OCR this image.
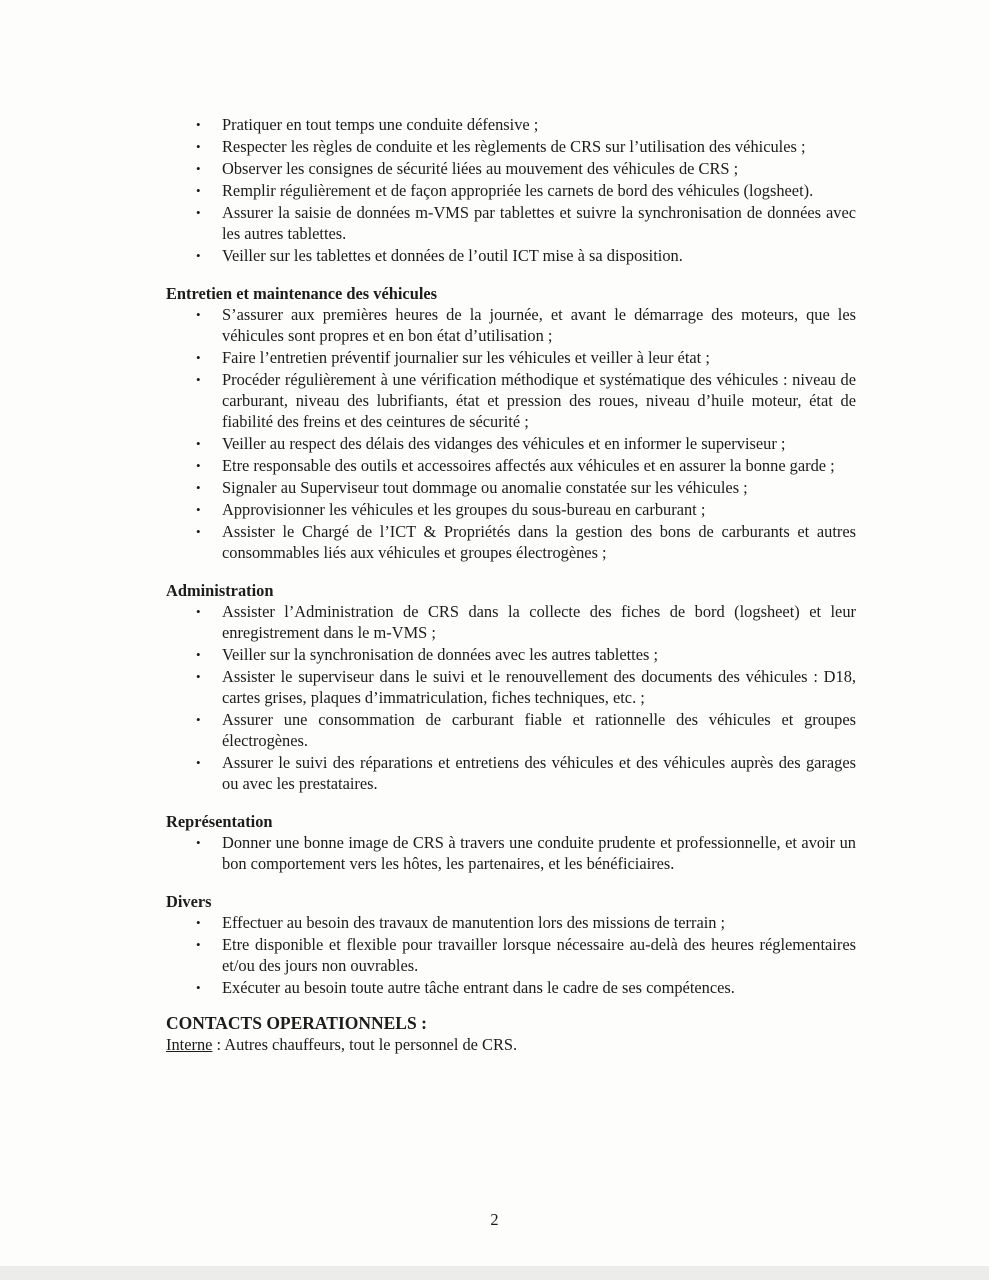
• Pratiquer en tout temps une conduite défensive ;
• Respecter les règles de conduite et les règlements de CRS sur l’utilisation des véhicules ;
• Observer les consignes de sécurité liées au mouvement des véhicules de CRS ;
• Remplir régulièrement et de façon appropriée les carnets de bord des véhicules (logsheet).
• Assurer la saisie de données m-VMS par tablettes et suivre la synchronisation de données avec les autres tablettes.
• Veiller sur les tablettes et données de l’outil ICT mise à sa disposition.
Entretien et maintenance des véhicules
• S’assurer aux premières heures de la journée, et avant le démarrage des moteurs, que les véhicules sont propres et en bon état d’utilisation ;
• Faire l’entretien préventif journalier sur les véhicules et veiller à leur état ;
• Procéder régulièrement à une vérification méthodique et systématique des véhicules : niveau de carburant, niveau des lubrifiants, état et pression des roues, niveau d’huile moteur, état de fiabilité des freins et des ceintures de sécurité ;
• Veiller au respect des délais des vidanges des véhicules et en informer le superviseur ;
• Etre responsable des outils et accessoires affectés aux véhicules et en assurer la bonne garde ;
• Signaler au Superviseur tout dommage ou anomalie constatée sur les véhicules ;
• Approvisionner les véhicules et les groupes du sous-bureau en carburant ;
• Assister le Chargé de l’ICT & Propriétés dans la gestion des bons de carburants et autres consommables liés aux véhicules et groupes électrogènes ;
Administration
• Assister l’Administration de CRS dans la collecte des fiches de bord (logsheet) et leur enregistrement dans le m-VMS ;
• Veiller sur la synchronisation de données avec les autres tablettes ;
• Assister le superviseur dans le suivi et le renouvellement des documents des véhicules : D18, cartes grises, plaques d’immatriculation, fiches techniques, etc. ;
• Assurer une consommation de carburant fiable et rationnelle des véhicules et groupes électrogènes.
• Assurer le suivi des réparations et entretiens des véhicules et des véhicules auprès des garages ou avec les prestataires.
Représentation
• Donner une bonne image de CRS à travers une conduite prudente et professionnelle, et avoir un bon comportement vers les hôtes, les partenaires, et les bénéficiaires.
Divers
• Effectuer au besoin des travaux de manutention lors des missions de terrain ;
• Etre disponible et flexible pour travailler lorsque nécessaire au-delà des heures réglementaires et/ou des jours non ouvrables.
• Exécuter au besoin toute autre tâche entrant dans le cadre de ses compétences.
CONTACTS OPERATIONNELS :
Interne : Autres chauffeurs, tout le personnel de CRS.
2
